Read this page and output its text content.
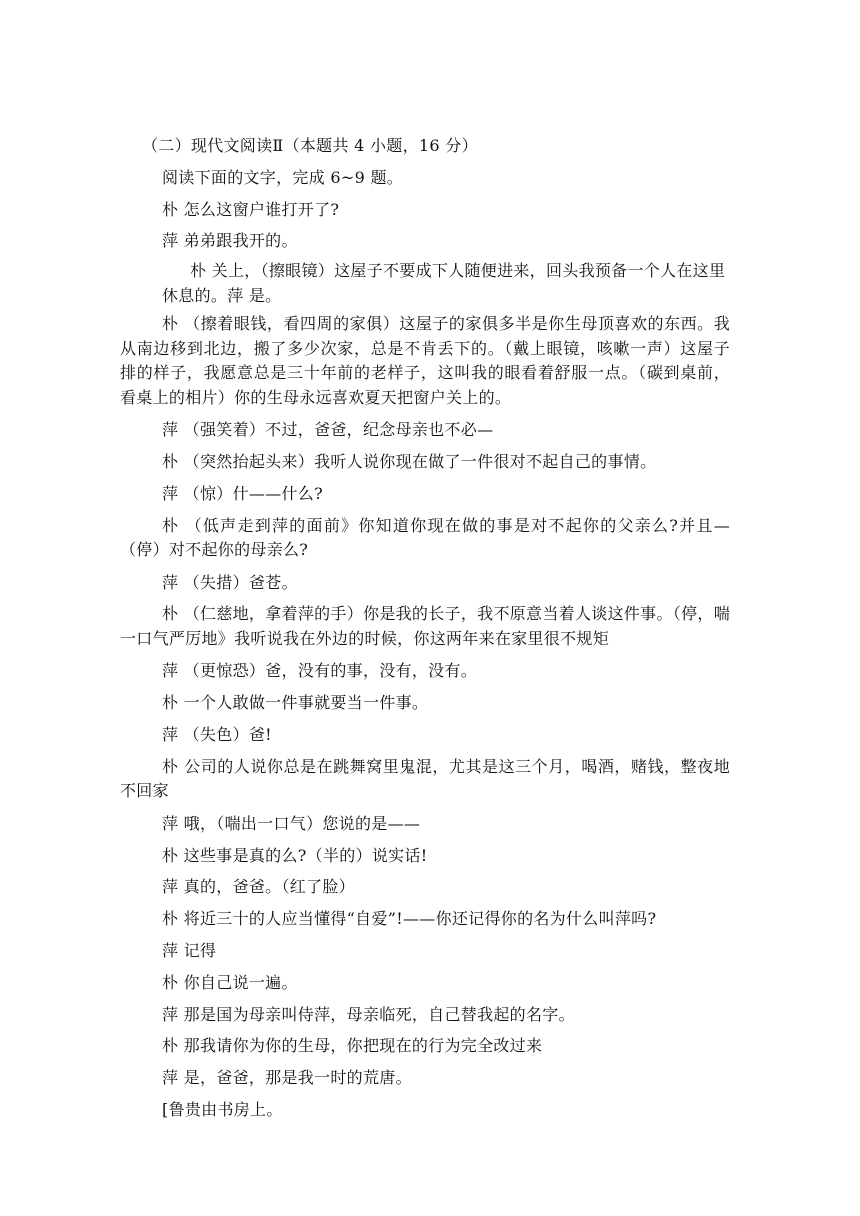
（二）现代文阅读Ⅱ（本题共 4 小题，16 分）
阅读下面的文字，完成 6~9 题。
朴 怎么这窗户谁打开了?
萍 弟弟跟我开的。
朴 关上，（擦眼镜）这屋子不要成下人随便进来，回头我预备一个人在这里休息的。萍 是。
朴 （擦着眼钱，看四周的家俱）这屋子的家俱多半是你生母顶喜欢的东西。我从南边移到北边，搬了多少次家，总是不肯丢下的。（戴上眼镜，咳嗽一声）这屋子排的样子，我愿意总是三十年前的老样子，这叫我的眼看着舒服一点。（碳到桌前，看桌上的相片）你的生母永远喜欢夏天把窗户关上的。
萍 （强笑着）不过，爸爸，纪念母亲也不必—
朴 （突然抬起头来）我听人说你现在做了一件很对不起自己的事情。
萍 （惊）什——什么?
朴 （低声走到萍的面前》你知道你现在做的事是对不起你的父亲么?并且—（停）对不起你的母亲么?
萍 （失措）爸苍。
朴 （仁慈地，拿着萍的手）你是我的长子，我不原意当着人谈这件事。（停，喘一口气严厉地》我听说我在外边的时候，你这两年来在家里很不规矩
萍 （更惊恐）爸，没有的事，没有，没有。
朴 一个人敢做一件事就要当一件事。
萍 （失色）爸!
朴 公司的人说你总是在跳舞窝里鬼混，尤其是这三个月，喝酒，赌钱，整夜地不回家
萍 哦，（喘出一口气）您说的是——
朴 这些事是真的么?（半的）说实话!
萍 真的，爸爸。（红了脸）
朴 将近三十的人应当懂得“自爱”!——你还记得你的名为什么叫萍吗?
萍 记得
朴 你自己说一遍。
萍 那是国为母亲叫侍萍，母亲临死，自己替我起的名字。
朴 那我请你为你的生母，你把现在的行为完全改过来
萍 是，爸爸，那是我一时的荒唐。
[鲁贵由书房上。
